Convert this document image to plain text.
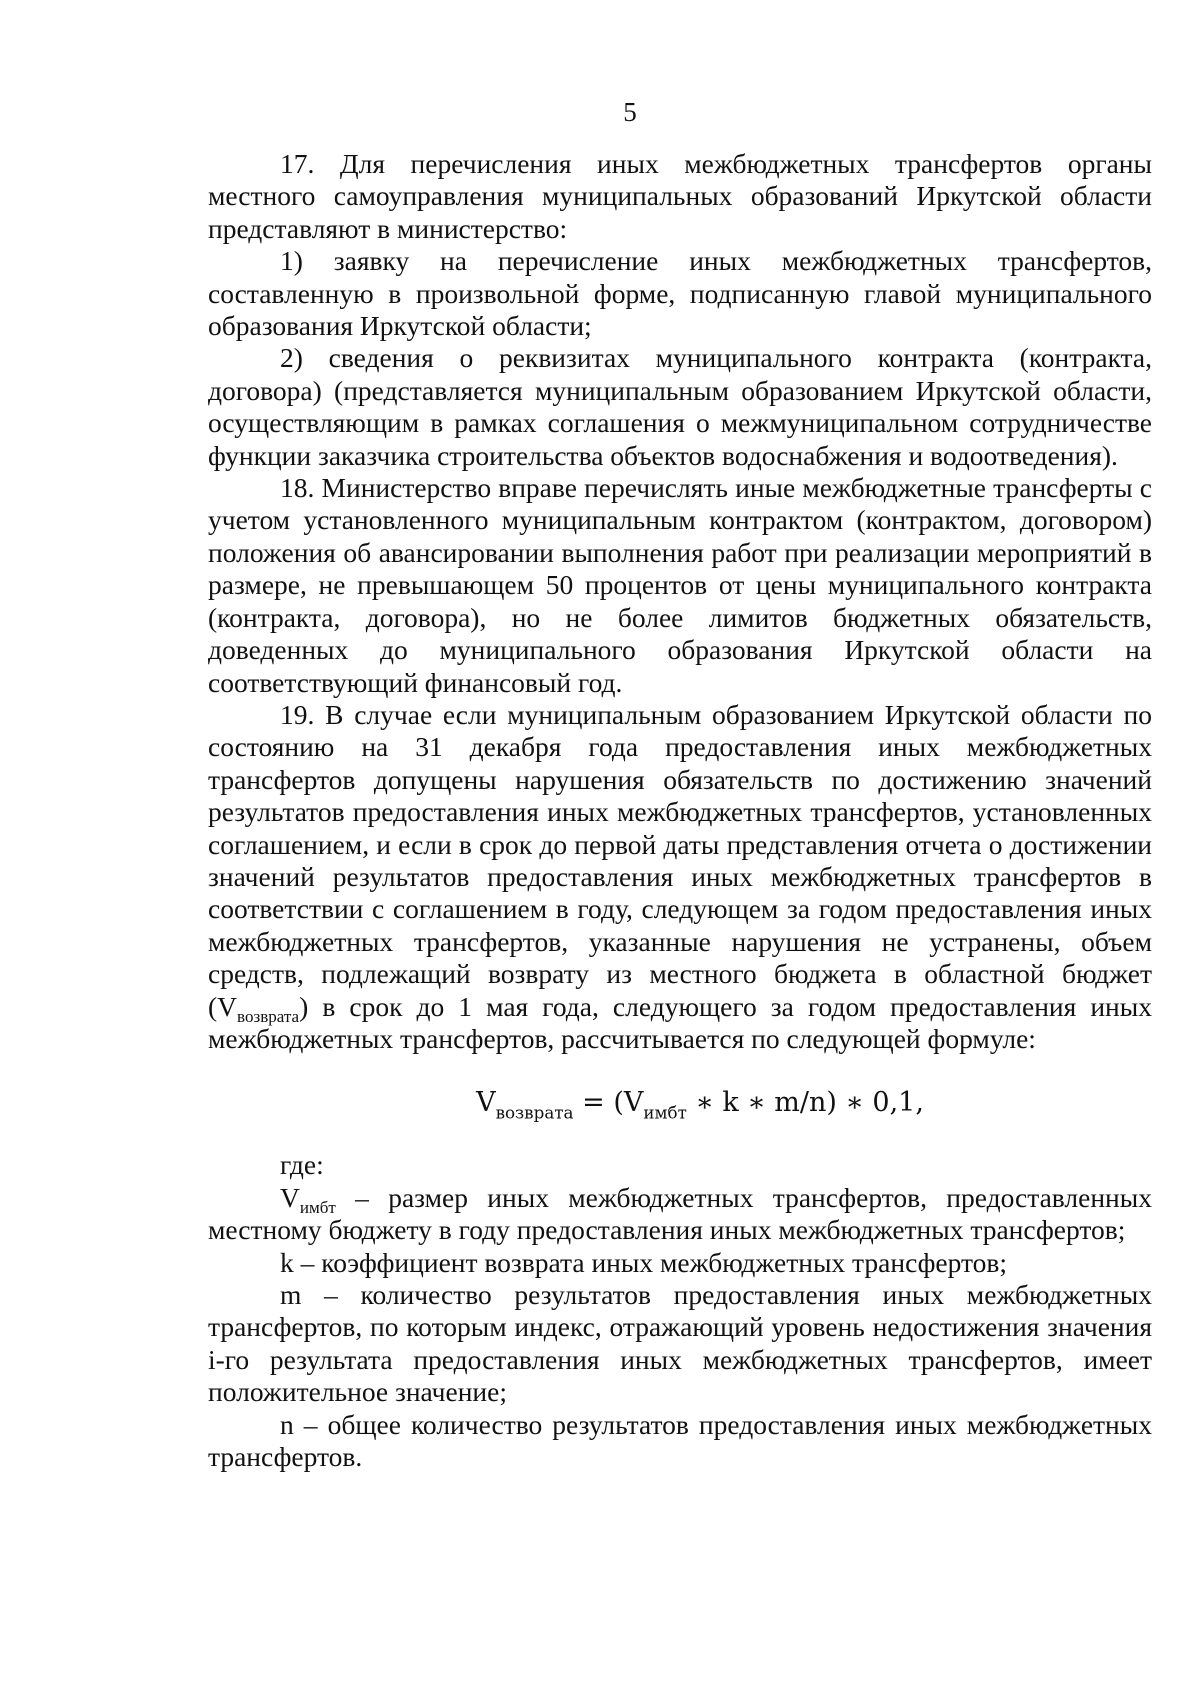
5

17. Для перечисления иных межбюджетных трансфертов органы местного самоуправления муниципальных образований Иркутской области представляют в министерство:

1) заявку на перечисление иных межбюджетных трансфертов, составленную в произвольной форме, подписанную главой муниципального образования Иркутской области;

2) сведения о реквизитах муниципального контракта (контракта, договора) (представляется муниципальным образованием Иркутской области, осуществляющим в рамках соглашения о межмуниципальном сотрудничестве функции заказчика строительства объектов водоснабжения и водоотведения).

18. Министерство вправе перечислять иные межбюджетные трансферты с учетом установленного муниципальным контрактом (контрактом, договором) положения об авансировании выполнения работ при реализации мероприятий в размере, не превышающем 50 процентов от цены муниципального контракта (контракта, договора), но не более лимитов бюджетных обязательств, доведенных до муниципального образования Иркутской области на соответствующий финансовый год.

19. В случае если муниципальным образованием Иркутской области по состоянию на 31 декабря года предоставления иных межбюджетных трансфертов допущены нарушения обязательств по достижению значений результатов предоставления иных межбюджетных трансфертов, установленных соглашением, и если в срок до первой даты представления отчета о достижении значений результатов предоставления иных межбюджетных трансфертов в соответствии с соглашением в году, следующем за годом предоставления иных межбюджетных трансфертов, указанные нарушения не устранены, объем средств, подлежащий возврату из местного бюджета в областной бюджет $(V_{возврата})$ в срок до 1 мая года, следующего за годом предоставления иных межбюджетных трансфертов, рассчитывается по следующей формуле:

$V_{возврата} = (V_{имбт}$ ∗ k ∗ m/n) ∗ 0,1,

где:

$V_{имбт}$ – размер иных межбюджетных трансфертов, предоставленных местному бюджету в году предоставления иных межбюджетных трансфертов;

k – коэффициент возврата иных межбюджетных трансфертов;

m – количество результатов предоставления иных межбюджетных трансфертов, по которым индекс, отражающий уровень недостижения значения i-го результата предоставления иных межбюджетных трансфертов, имеет положительное значение;

n – общее количество результатов предоставления иных межбюджетных трансфертов.
